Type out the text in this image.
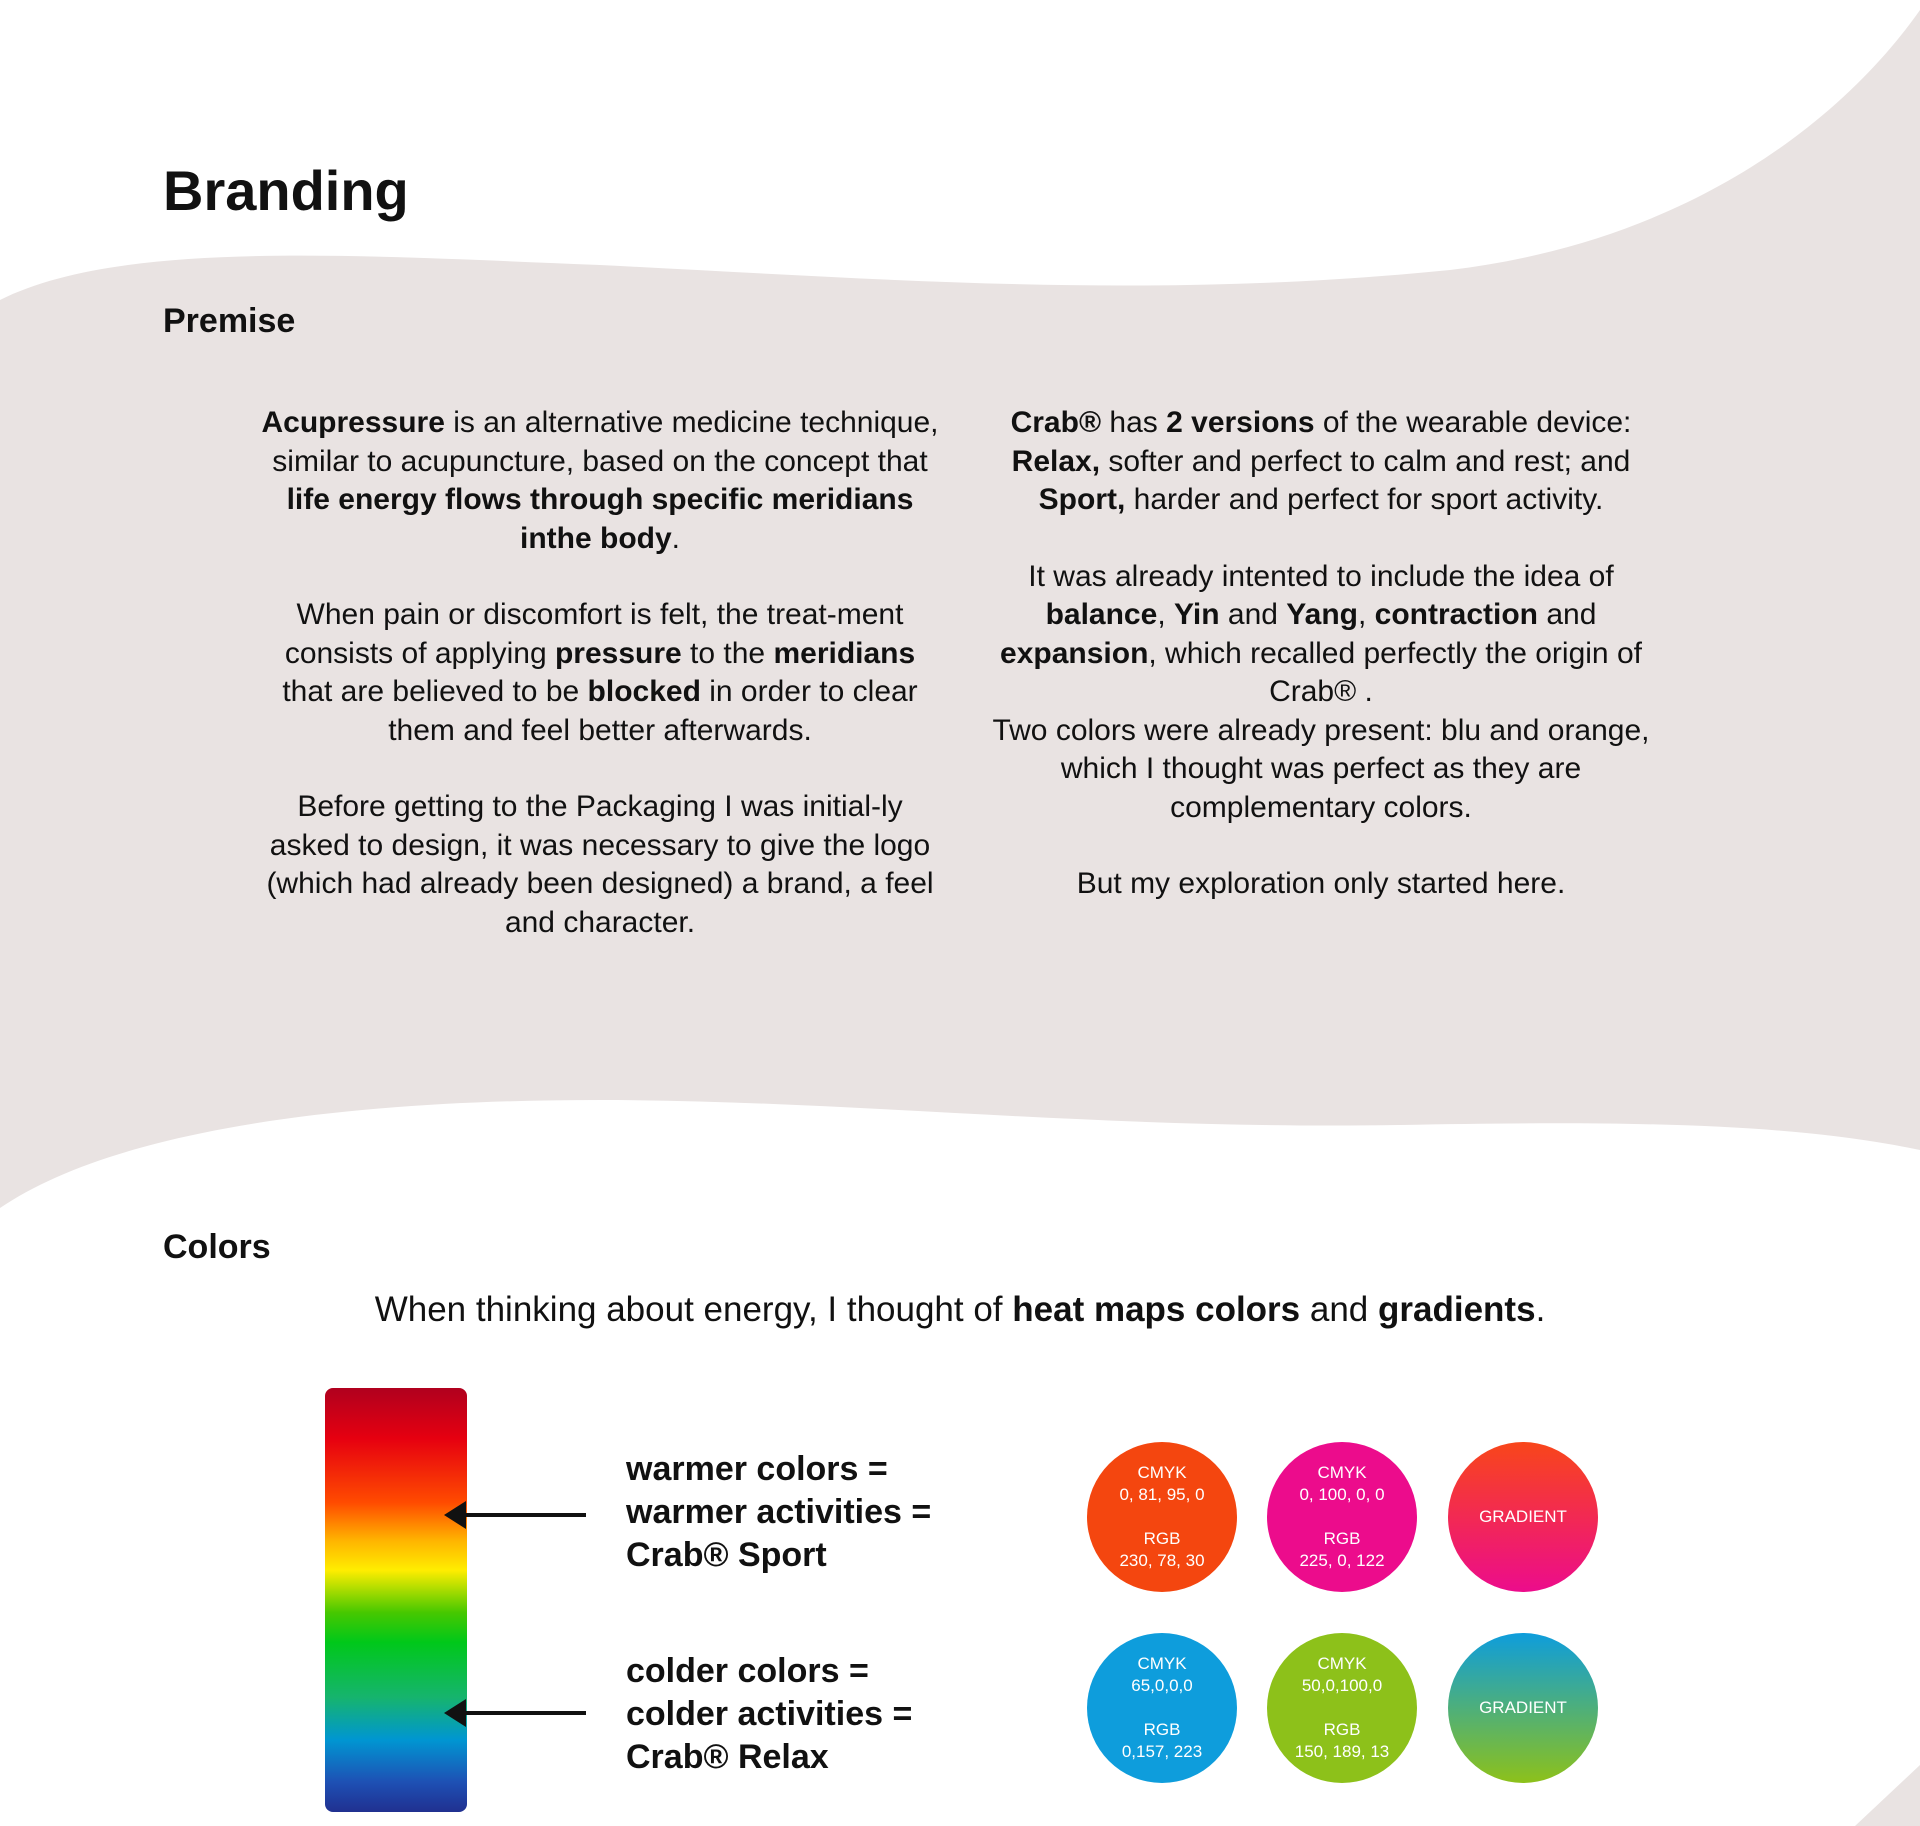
Branding
Premise

Acupressure is an alternative medicine technique, similar to acupuncture, based on the concept that life energy flows through specific meridians inthe body.

When pain or discomfort is felt, the treat-ment consists of applying pressure to the meridians that are believed to be blocked in order to clear them and feel better afterwards.

Before getting to the Packaging I was initial-ly asked to design, it was necessary to give the logo (which had already been designed) a brand, a feel and character.

Crab® has 2 versions of the wearable device: Relax, softer and perfect to calm and rest; and Sport, harder and perfect for sport activity.

It was already intented to include the idea of balance, Yin and Yang, contraction and expansion, which recalled perfectly the origin of Crab® .

Two colors were already present: blu and orange, which I thought was perfect as they are complementary colors.

But my exploration only started here.

Colors
When thinking about energy, I thought of heat maps colors and gradients.
warmer colors =
warmer activities =
Crab® Sport
colder colors =
colder activities =
Crab® Relax
CMYK
0, 81, 95, 0
RGB
230, 78, 30
CMYK
0, 100, 0, 0
RGB
225, 0, 122
GRADIENT
CMYK
65,0,0,0
RGB
0,157, 223
CMYK
50,0,100,0
RGB
150, 189, 13
GRADIENT
